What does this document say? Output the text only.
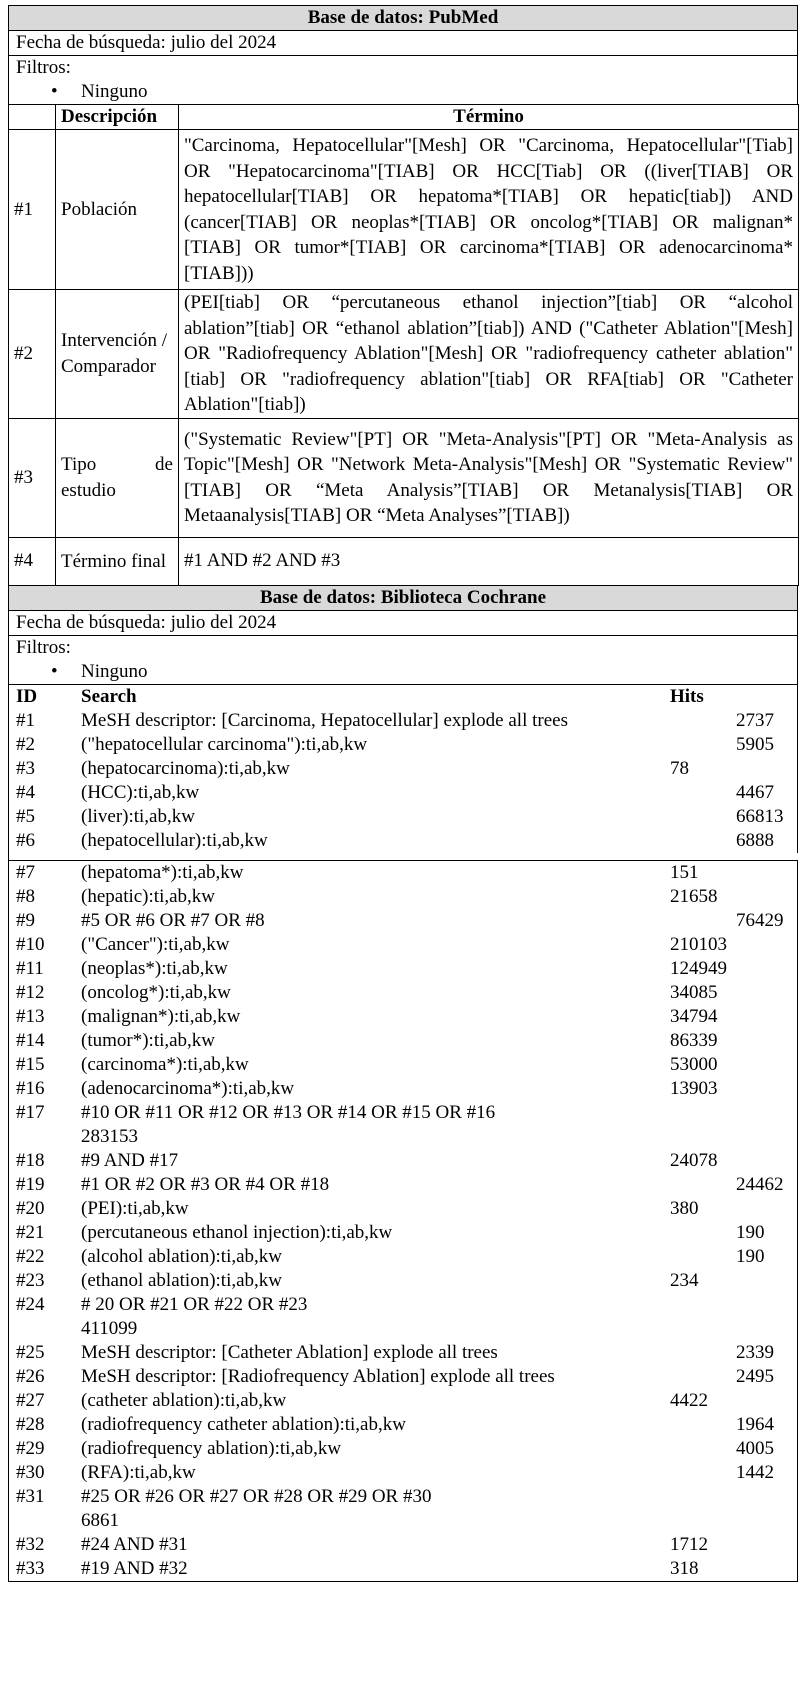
Base de datos: PubMed
Fecha de búsqueda: julio del 2024
Filtros:
• Ninguno
	Descripción	Término
#1	Población	"Carcinoma, Hepatocellular"[Mesh] OR "Carcinoma, Hepatocellular"[Tiab] OR "Hepatocarcinoma"[TIAB] OR HCC[Tiab] OR ((liver[TIAB] OR hepatocellular[TIAB] OR hepatoma*[TIAB] OR hepatic[tiab]) AND (cancer[TIAB] OR neoplas*[TIAB] OR oncolog*[TIAB] OR malignan*[TIAB] OR tumor*[TIAB] OR carcinoma*[TIAB] OR adenocarcinoma*[TIAB]))
#2	Intervención / Comparador	(PEI[tiab] OR “percutaneous ethanol injection”[tiab] OR “alcohol ablation”[tiab] OR “ethanol ablation”[tiab]) AND ("Catheter Ablation"[Mesh] OR "Radiofrequency Ablation"[Mesh] OR "radiofrequency catheter ablation"[tiab] OR "radiofrequency ablation"[tiab] OR RFA[tiab] OR "Catheter Ablation"[tiab])
#3	Tipo de estudio	("Systematic Review"[PT] OR "Meta-Analysis"[PT] OR "Meta-Analysis as Topic"[Mesh] OR "Network Meta-Analysis"[Mesh] OR "Systematic Review"[TIAB] OR “Meta Analysis”[TIAB] OR Metanalysis[TIAB] OR Metaanalysis[TIAB] OR “Meta Analyses”[TIAB])
#4	Término final	#1 AND #2 AND #3
Base de datos: Biblioteca Cochrane
Fecha de búsqueda: julio del 2024
Filtros:
• Ninguno
ID Search	Hits
#1 MeSH descriptor: [Carcinoma, Hepatocellular] explode all trees	2737
#2 ("hepatocellular carcinoma"):ti,ab,kw	5905
#3 (hepatocarcinoma):ti,ab,kw	78
#4 (HCC):ti,ab,kw	4467
#5 (liver):ti,ab,kw	66813
#6 (hepatocellular):ti,ab,kw	6888
#7 (hepatoma*):ti,ab,kw	151
#8 (hepatic):ti,ab,kw	21658
#9 #5 OR #6 OR #7 OR #8	76429
#10 ("Cancer"):ti,ab,kw	210103
#11 (neoplas*):ti,ab,kw	124949
#12 (oncolog*):ti,ab,kw	34085
#13 (malignan*):ti,ab,kw	34794
#14 (tumor*):ti,ab,kw	86339
#15 (carcinoma*):ti,ab,kw	53000
#16 (adenocarcinoma*):ti,ab,kw	13903
#17 #10 OR #11 OR #12 OR #13 OR #14 OR #15 OR #16
283153
#18 #9 AND #17	24078
#19 #1 OR #2 OR #3 OR #4 OR #18	24462
#20 (PEI):ti,ab,kw	380
#21 (percutaneous ethanol injection):ti,ab,kw	190
#22 (alcohol ablation):ti,ab,kw	190
#23 (ethanol ablation):ti,ab,kw	234
#24 # 20 OR #21 OR #22 OR #23
411099
#25 MeSH descriptor: [Catheter Ablation] explode all trees	2339
#26 MeSH descriptor: [Radiofrequency Ablation] explode all trees	2495
#27 (catheter ablation):ti,ab,kw	4422
#28 (radiofrequency catheter ablation):ti,ab,kw	1964
#29 (radiofrequency ablation):ti,ab,kw	4005
#30 (RFA):ti,ab,kw	1442
#31 #25 OR #26 OR #27 OR #28 OR #29 OR #30
6861
#32 #24 AND #31	1712
#33 #19 AND #32	318
